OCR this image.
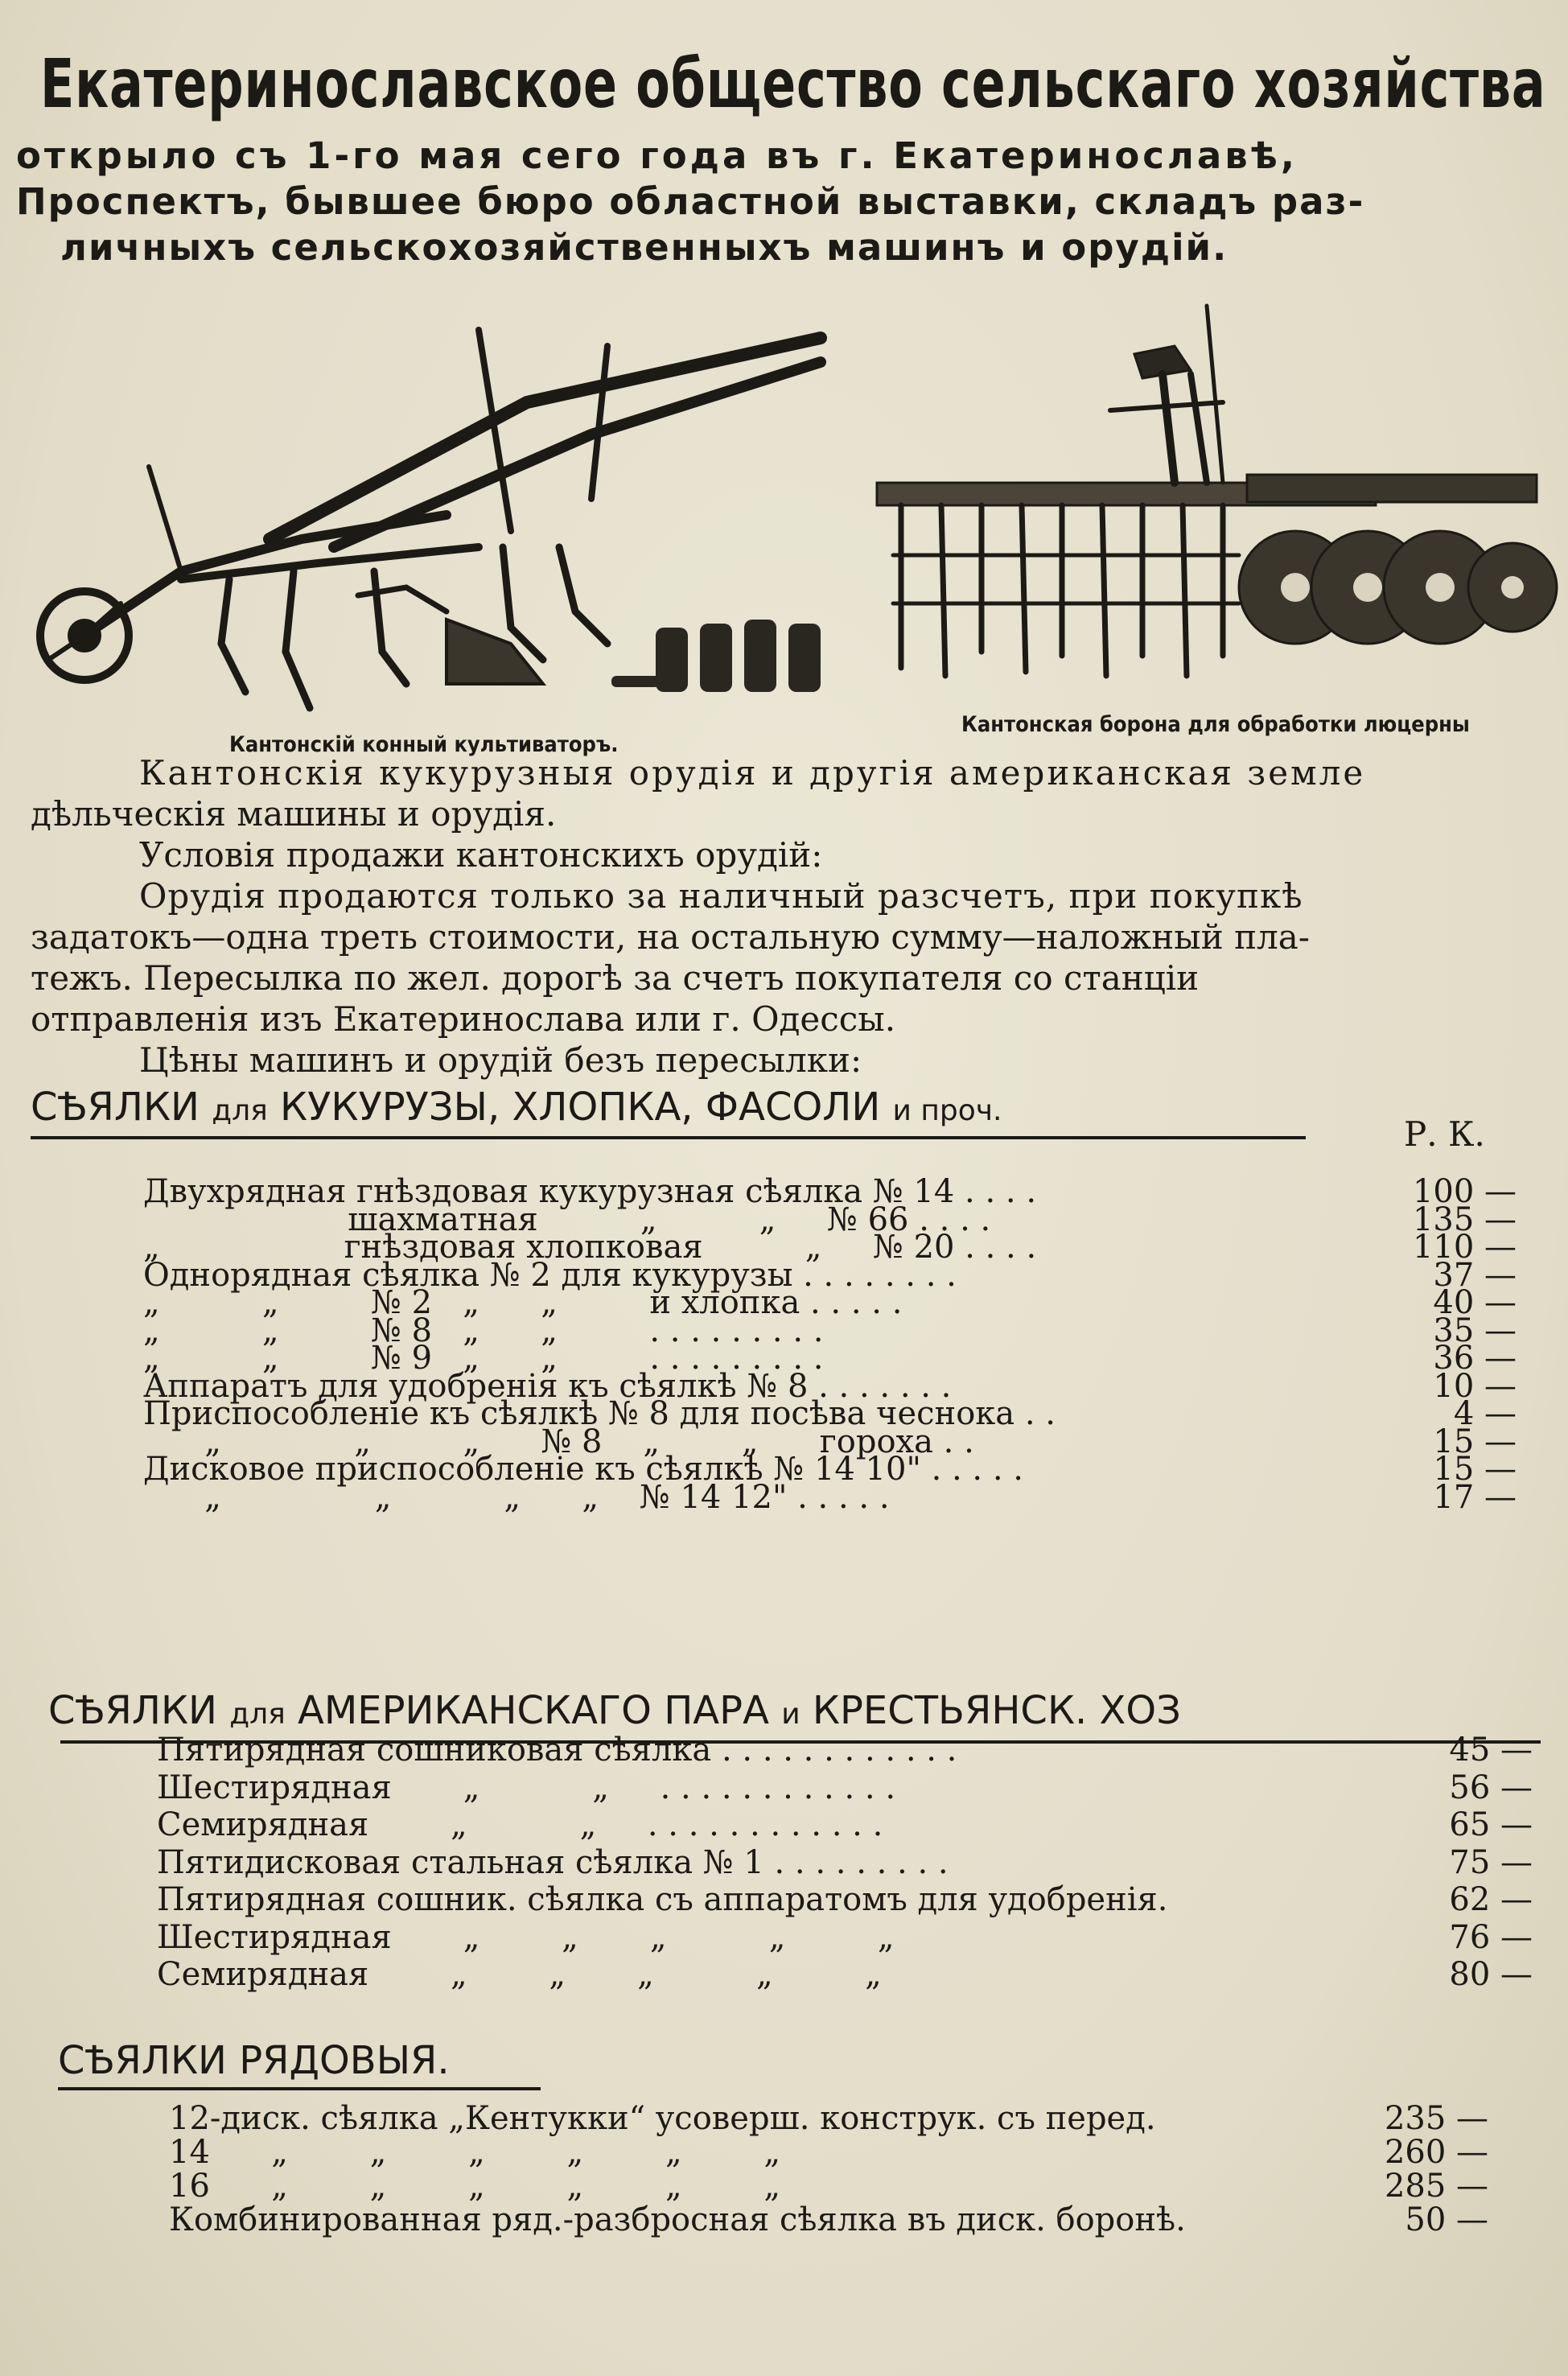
Екатеринославское общество сельскаго хозяйства
открыло съ 1-го мая сего года въ г. Екатеринославѣ,
Проспектъ, бывшее бюро областной выставки, складъ раз-
личныхъ сельскохозяйственныхъ машинъ и орудій.
Кантонскій конный культиваторъ.
Кантонская борона для обработки люцерны
Кантонскія кукурузныя орудія и другія американская земле
дѣльческія машины и орудія.
Условія продажи кантонскихъ орудій:
Орудія продаются только за наличный разсчетъ, при покупкѣ
задатокъ—одна треть стоимости, на остальную сумму—наложный пла-
тежъ. Пересылка по жел. дорогѣ за счетъ покупателя со станціи
отправленія изъ Екатеринослава или г. Одессы.
Цѣны машинъ и орудій безъ пересылки:
СѢЯЛКИ для КУКУРУЗЫ, ХЛОПКА, ФАСОЛИ и проч.
Р. К.
Двухрядная гнѣздовая кукурузная сѣялка № 14 . . . .	100 —
шахматная          „          „     № 66 . . . .	135 —
„                  гнѣздовая хлопковая          „     № 20 . . . .	110 —
Однорядная сѣялка № 2 для кукурузы . . . . . . . .	37 —
„          „         № 2   „      „         и хлопка . . . . .	40 —
„          „         № 8   „      „         . . . . . . . . .	35 —
„          „         № 9   „      „         . . . . . . . . .	36 —
Аппаратъ для удобренія къ сѣялкѣ № 8 . . . . . . .	10 —
Приспособленіе къ сѣялкѣ № 8 для посѣва чеснока . .	4 —
„             „         „      № 8    „        „      гороха . .	15 —
Дисковое приспособленіе къ сѣялкѣ № 14 10" . . . . .	15 —
„               „           „      „    № 14 12" . . . . .	17 —
СѢЯЛКИ для АМЕРИКАНСКАГО ПАРА и КРЕСТЬЯНСК. ХОЗ
Пятирядная сошниковая сѣялка . . . . . . . . . . . .	45 —
Шестирядная       „           „     . . . . . . . . . . . .	56 —
Семирядная        „           „     . . . . . . . . . . . .	65 —
Пятидисковая стальная сѣялка № 1 . . . . . . . . .	75 —
Пятирядная сошник. сѣялка съ аппаратомъ для удобренія.	62 —
Шестирядная       „        „       „          „         „	76 —
Семирядная        „        „       „          „         „	80 —
СѢЯЛКИ РЯДОВЫЯ.
12-диск. сѣялка „Кентукки“ усоверш. конструк. съ перед.	235 —
14      „        „        „        „        „        „	260 —
16      „        „        „        „        „        „	285 —
Комбинированная ряд.-разбросная сѣялка въ диск. боронѣ.	50 —
